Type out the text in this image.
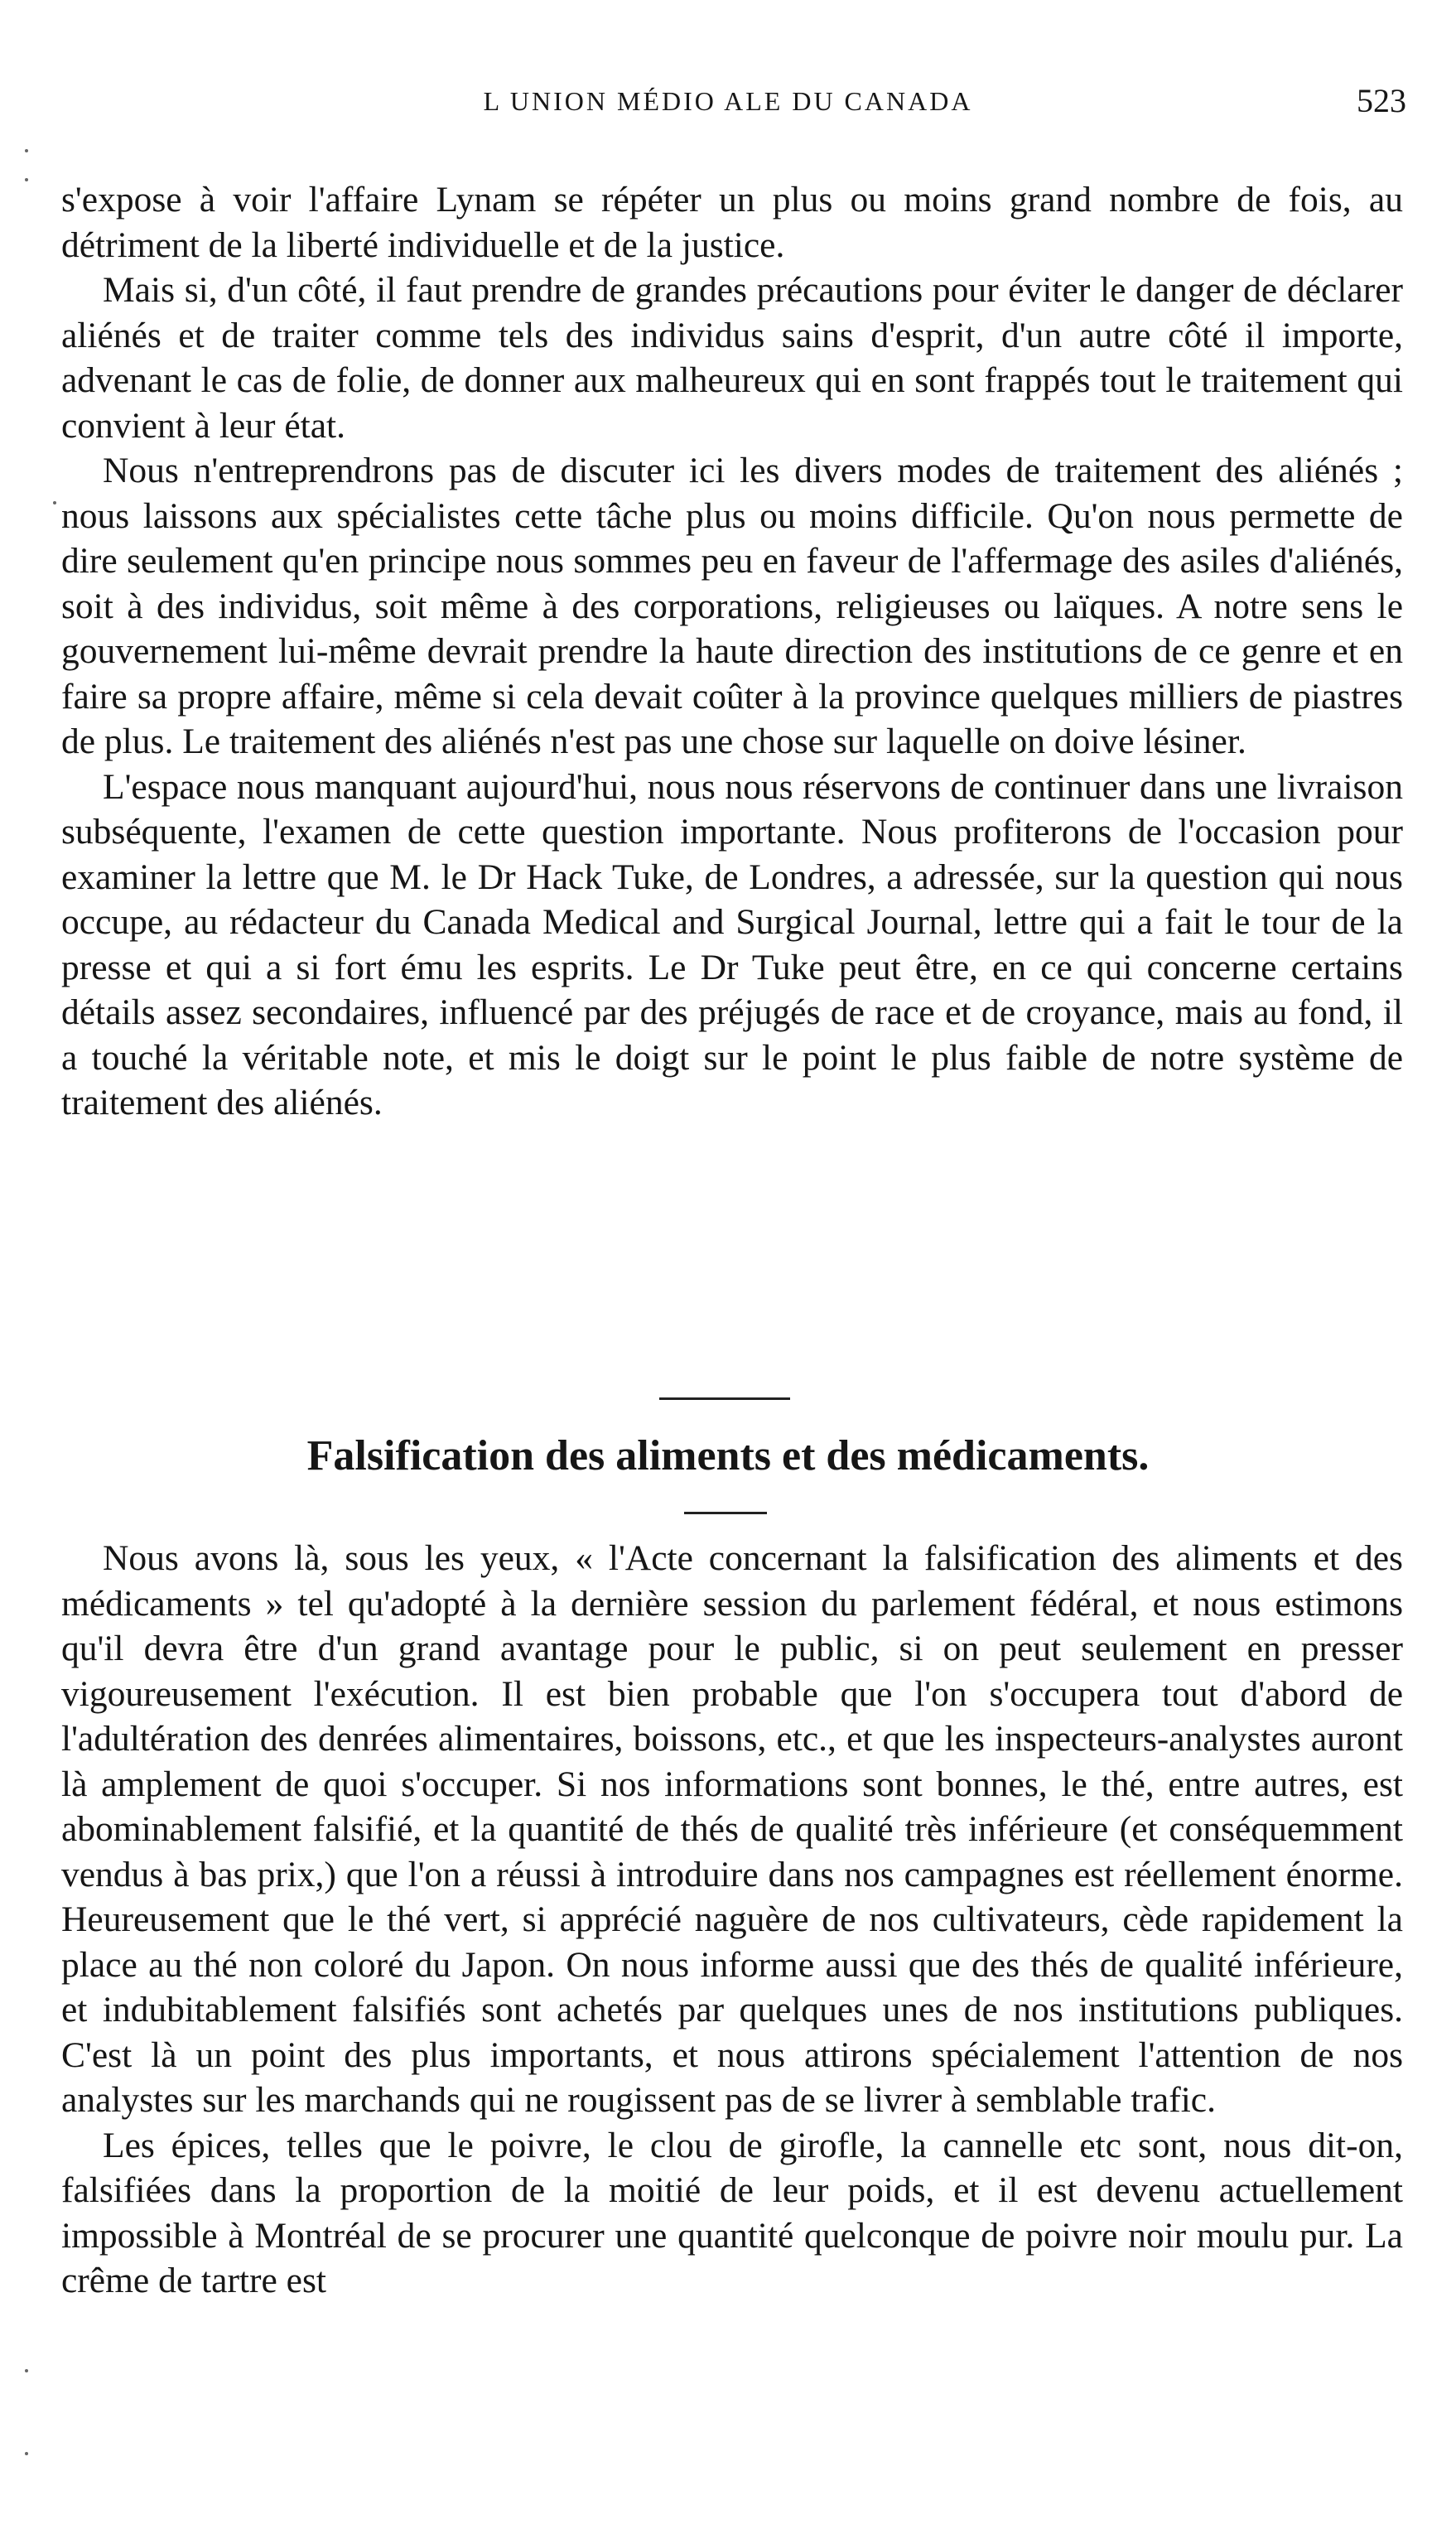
L UNION MÉDIO ALE DU CANADA	523

s'expose à voir l'affaire Lynam se répéter un plus ou moins grand nombre de fois, au détriment de la liberté individuelle et de la justice.

Mais si, d'un côté, il faut prendre de grandes précautions pour éviter le danger de déclarer aliénés et de traiter comme tels des individus sains d'esprit, d'un autre côté il importe, advenant le cas de folie, de donner aux malheureux qui en sont frappés tout le traitement qui convient à leur état.

Nous n'entreprendrons pas de discuter ici les divers modes de traitement des aliénés ; nous laissons aux spécialistes cette tâche plus ou moins difficile. Qu'on nous permette de dire seulement qu'en principe nous sommes peu en faveur de l'affermage des asiles d'aliénés, soit à des individus, soit même à des corporations, religieuses ou laïques. A notre sens le gouvernement lui-même devrait prendre la haute direction des institutions de ce genre et en faire sa propre affaire, même si cela devait coûter à la province quelques milliers de piastres de plus. Le traitement des aliénés n'est pas une chose sur laquelle on doive lésiner.

L'espace nous manquant aujourd'hui, nous nous réservons de continuer dans une livraison subséquente, l'examen de cette question importante. Nous profiterons de l'occasion pour examiner la lettre que M. le Dr Hack Tuke, de Londres, a adressée, sur la question qui nous occupe, au rédacteur du Canada Medical and Surgical Journal, lettre qui a fait le tour de la presse et qui a si fort ému les esprits. Le Dr Tuke peut être, en ce qui concerne certains détails assez secondaires, influencé par des préjugés de race et de croyance, mais au fond, il a touché la véritable note, et mis le doigt sur le point le plus faible de notre système de traitement des aliénés.

Falsification des aliments et des médicaments.

Nous avons là, sous les yeux, « l'Acte concernant la falsification des aliments et des médicaments » tel qu'adopté à la dernière session du parlement fédéral, et nous estimons qu'il devra être d'un grand avantage pour le public, si on peut seulement en presser vigoureusement l'exécution. Il est bien probable que l'on s'occupera tout d'abord de l'adultération des denrées alimentaires, boissons, etc., et que les inspecteurs-analystes auront là amplement de quoi s'occuper. Si nos informations sont bonnes, le thé, entre autres, est abominablement falsifié, et la quantité de thés de qualité très inférieure (et conséquemment vendus à bas prix,) que l'on a réussi à introduire dans nos campagnes est réellement énorme. Heureusement que le thé vert, si apprécié naguère de nos cultivateurs, cède rapidement la place au thé non coloré du Japon. On nous informe aussi que des thés de qualité inférieure, et indubitablement falsifiés sont achetés par quelques unes de nos institutions publiques. C'est là un point des plus importants, et nous attirons spécialement l'attention de nos analystes sur les marchands qui ne rougissent pas de se livrer à semblable trafic.

Les épices, telles que le poivre, le clou de girofle, la cannelle etc sont, nous dit-on, falsifiées dans la proportion de la moitié de leur poids, et il est devenu actuellement impossible à Montréal de se procurer une quantité quelconque de poivre noir moulu pur. La crême de tartre est
